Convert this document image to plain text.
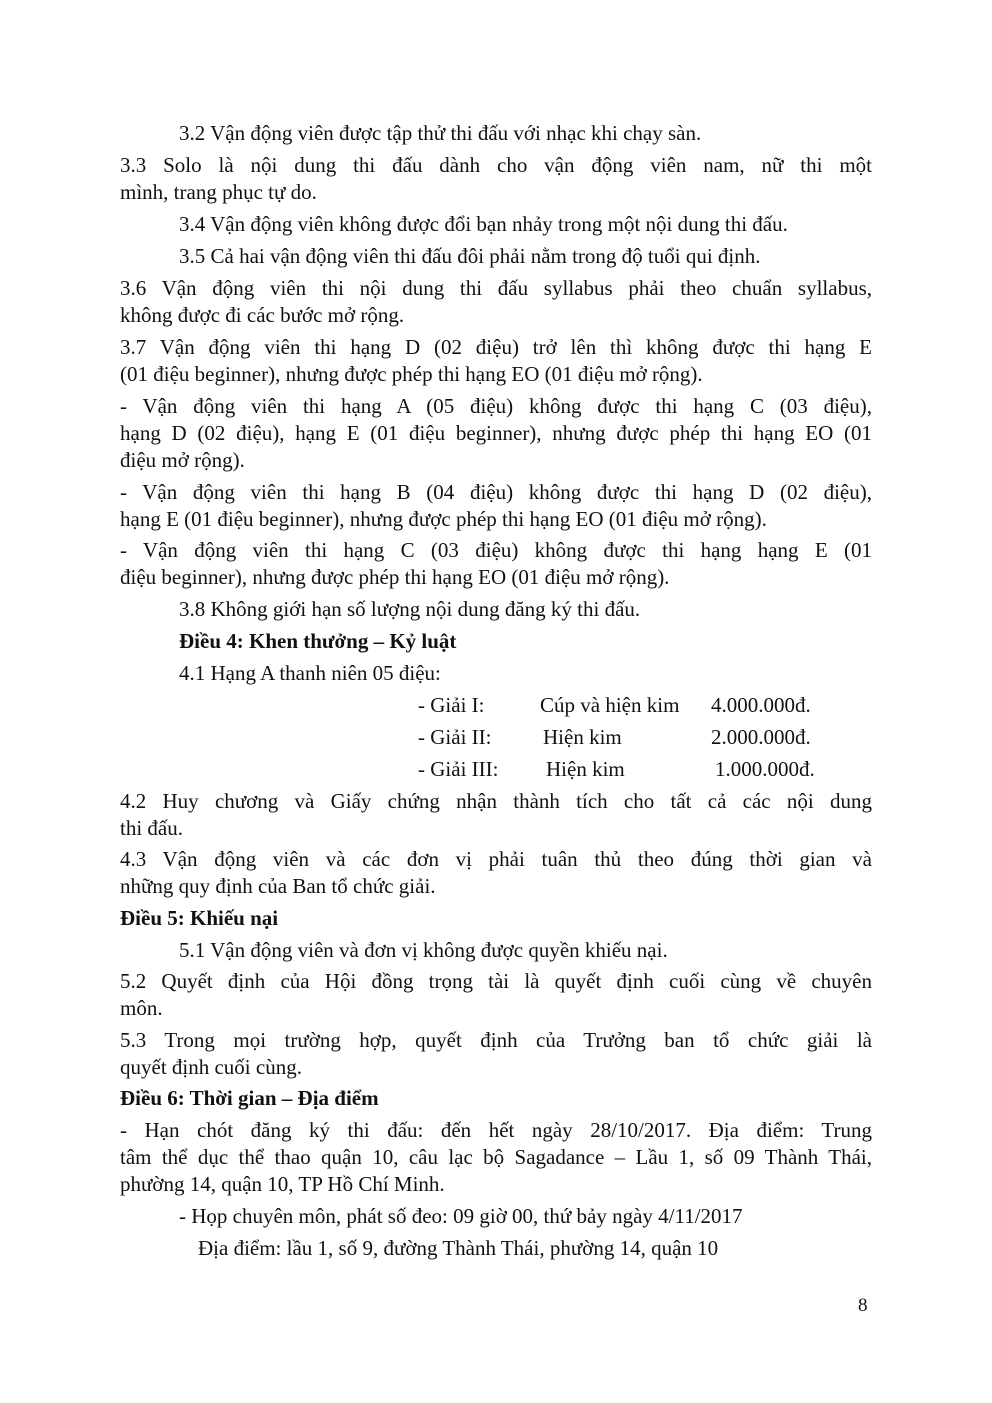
3.2 Vận động viên được tập thử thi đấu với nhạc khi chạy sàn.

3.3 Solo là nội dung thi đấu dành cho vận động viên nam, nữ thi một

mình, trang phục tự do.

3.4 Vận động viên không được đổi bạn nhảy trong một nội dung thi đấu.

3.5 Cả hai vận động viên thi đấu đôi phải nằm trong độ tuổi qui định.

3.6 Vận động viên thi nội dung thi đấu syllabus phải theo chuẩn syllabus,

không được đi các bước mở rộng.

3.7 Vận động viên thi hạng D (02 điệu) trở lên thì không được thi hạng E

(01 điệu beginner), nhưng được phép thi hạng EO (01 điệu mở rộng).

- Vận động viên thi hạng A (05 điệu) không được thi hạng C (03 điệu),

hạng D (02 điệu), hạng E (01 điệu beginner), nhưng được phép thi hạng EO (01

điệu mở rộng).

- Vận động viên thi hạng B (04 điệu) không được thi hạng D (02 điệu),

hạng E (01 điệu beginner), nhưng được phép thi hạng EO (01 điệu mở rộng).

- Vận động viên thi hạng C (03 điệu) không được thi hạng hạng E (01

điệu beginner), nhưng được phép thi hạng EO (01 điệu mở rộng).

3.8 Không giới hạn số lượng nội dung đăng ký thi đấu.

Điều 4: Khen thưởng – Kỷ luật

4.1 Hạng A thanh niên 05 điệu:

- Giải I:	Cúp và hiện kim 4.000.000đ.
- Giải II: Hiện kim	2.000.000đ.
- Giải III: Hiện kim	1.000.000đ.

4.2 Huy chương và Giấy chứng nhận thành tích cho tất cả các nội dung

thi đấu.

4.3 Vận động viên và các đơn vị phải tuân thủ theo đúng thời gian và

những quy định của Ban tổ chức giải.

Điều 5: Khiếu nại

5.1 Vận động viên và đơn vị không được quyền khiếu nại.

5.2 Quyết định của Hội đồng trọng tài là quyết định cuối cùng về chuyên

môn.

5.3 Trong mọi trường hợp, quyết định của Trưởng ban tổ chức giải là

quyết định cuối cùng.

Điều 6: Thời gian – Địa điểm

- Hạn chót đăng ký thi đấu: đến hết ngày 28/10/2017. Địa điểm: Trung

tâm thể dục thể thao quận 10, câu lạc bộ Sagadance – Lầu 1, số 09 Thành Thái,

phường 14, quận 10, TP Hồ Chí Minh.

- Họp chuyên môn, phát số đeo: 09 giờ 00, thứ bảy ngày 4/11/2017

Địa điểm: lầu 1, số 9, đường Thành Thái, phường 14, quận 10

8
